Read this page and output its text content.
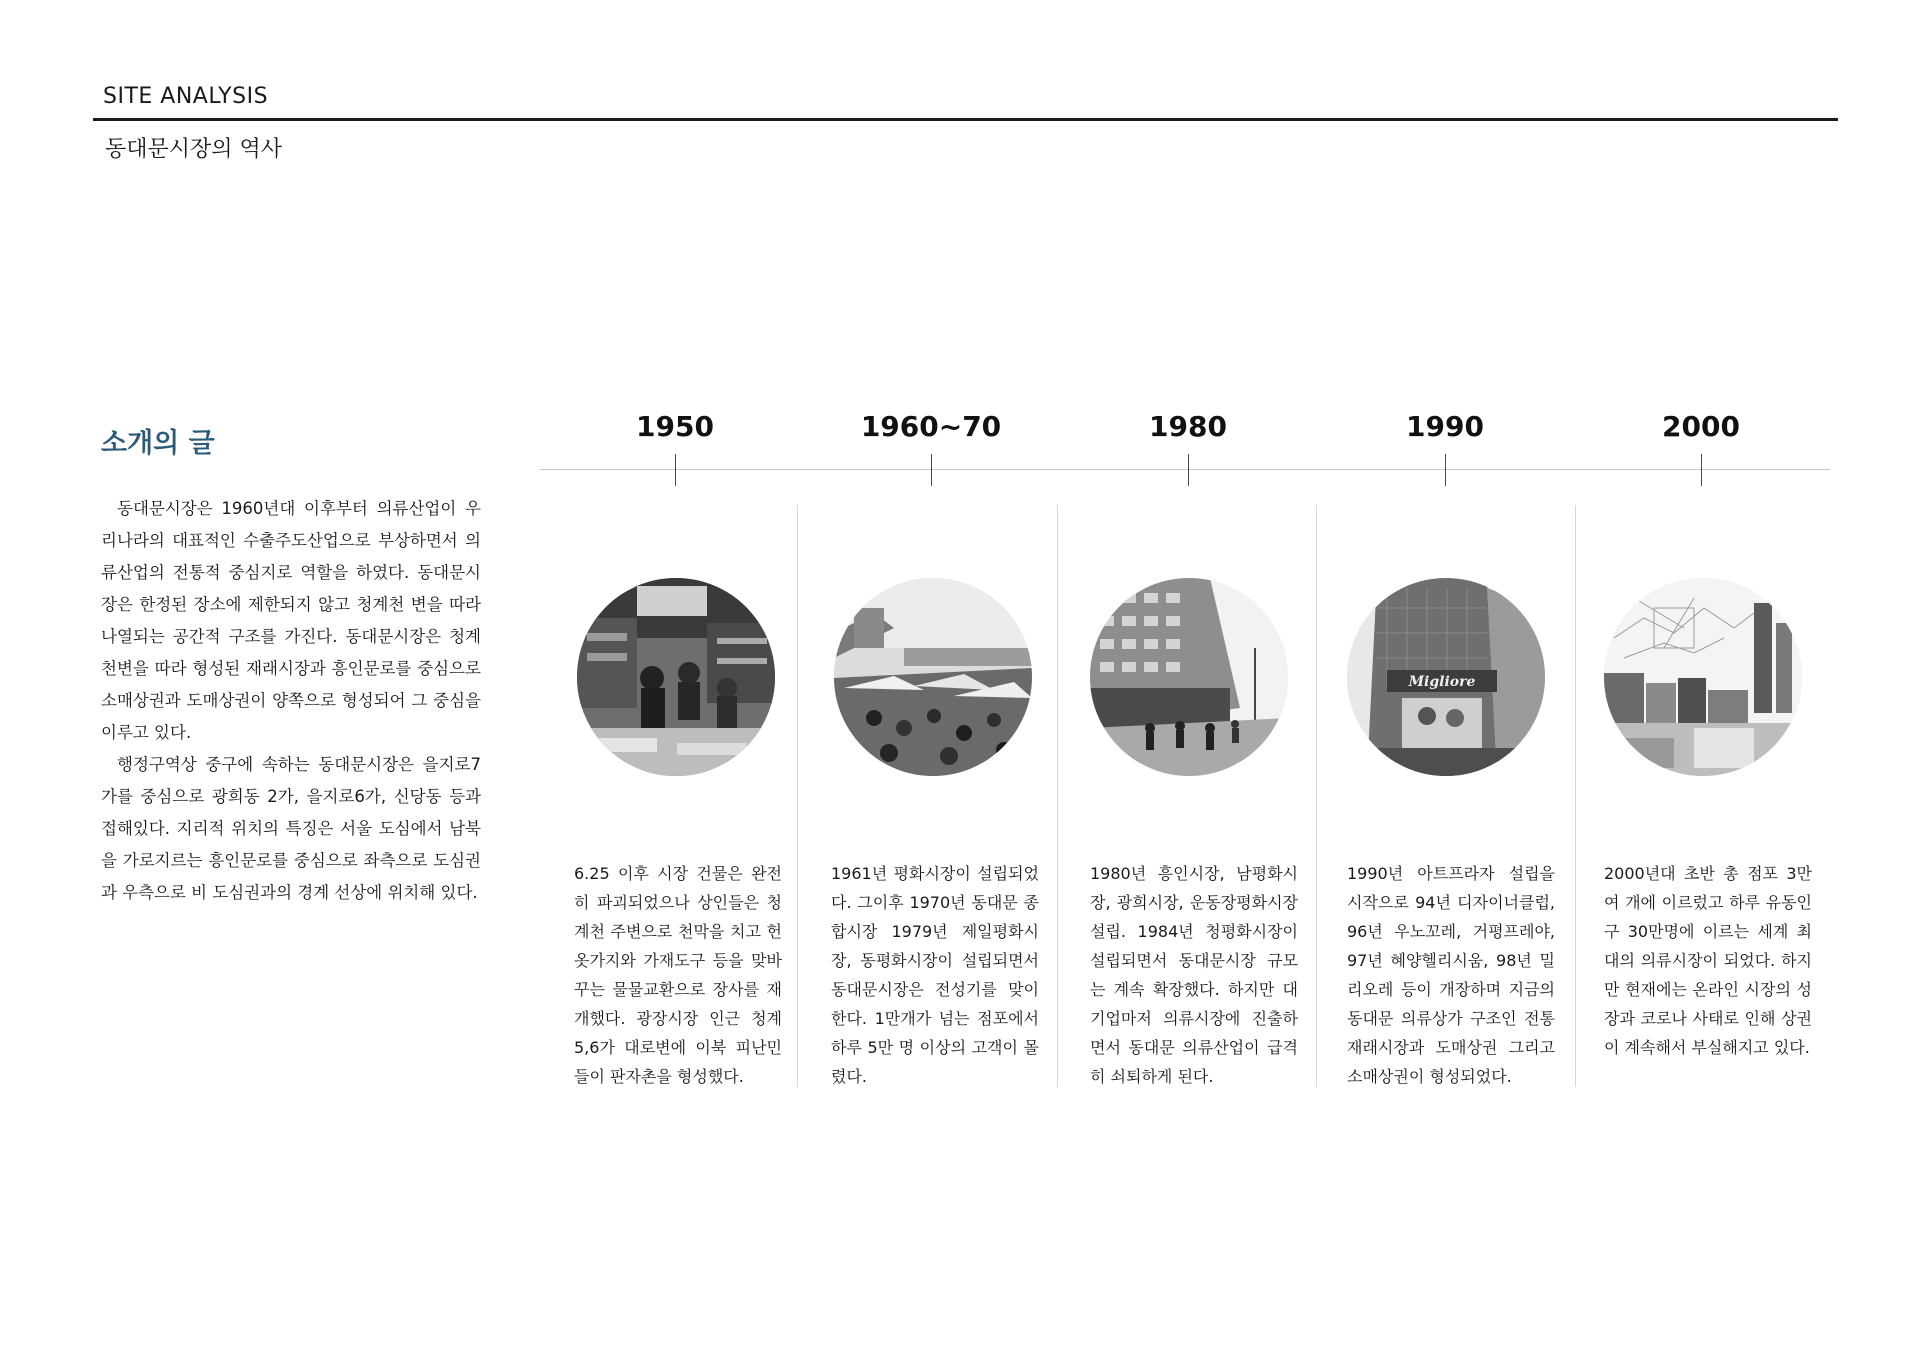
SITE ANALYSIS
동대문시장의 역사
소개의 글

동대문시장은 1960년대 이후부터 의류산업이 우리나라의 대표적인 수출주도산업으로 부상하면서 의류산업의 전통적 중심지로 역할을 하였다. 동대문시장은 한정된 장소에 제한되지 않고 청계천 변을 따라 나열되는 공간적 구조를 가진다. 동대문시장은 청계천변을 따라 형성된 재래시장과 흥인문로를 중심으로 소매상권과 도매상권이 양쪽으로 형성되어 그 중심을 이루고 있다.

행정구역상 중구에 속하는 동대문시장은 을지로7가를 중심으로 광희동 2가, 을지로6가, 신당동 등과 접해있다. 지리적 위치의 특징은 서울 도심에서 남북을 가로지르는 흥인문로를 중심으로 좌측으로 도심권과 우측으로 비 도심권과의 경계 선상에 위치해 있다.

1950	1960~70	1980	1990	2000
Migliore

6.25 이후 시장 건물은 완전히 파괴되었으나 상인들은 청계천 주변으로 천막을 치고 헌 옷가지와 가재도구 등을 맞바꾸는 물물교환으로 장사를 재개했다. 광장시장 인근 청계 5,6가 대로변에 이북 피난민들이 판자촌을 형성했다.

1961년 평화시장이 설립되었다. 그이후 1970년 동대문 종합시장 1979년 제일평화시장, 동평화시장이 설립되면서 동대문시장은 전성기를 맞이한다. 1만개가 넘는 점포에서 하루 5만 명 이상의 고객이 몰렸다.

1980년 흥인시장, 남평화시장, 광희시장, 운동장평화시장 설립. 1984년 청평화시장이 설립되면서 동대문시장 규모는 계속 확장했다. 하지만 대기업마저 의류시장에 진출하면서 동대문 의류산업이 급격히 쇠퇴하게 된다.

1990년 아트프라자 설립을 시작으로 94년 디자이너클럽, 96년 우노꼬레, 거평프레야, 97년 혜양헬리시움, 98년 밀리오레 등이 개장하며 지금의 동대문 의류상가 구조인 전통재래시장과 도매상권 그리고 소매상권이 형성되었다.

2000년대 초반 총 점포 3만여 개에 이르렀고 하루 유동인구 30만명에 이르는 세계 최대의 의류시장이 되었다. 하지만 현재에는 온라인 시장의 성장과 코로나 사태로 인해 상권이 계속해서 부실해지고 있다.
